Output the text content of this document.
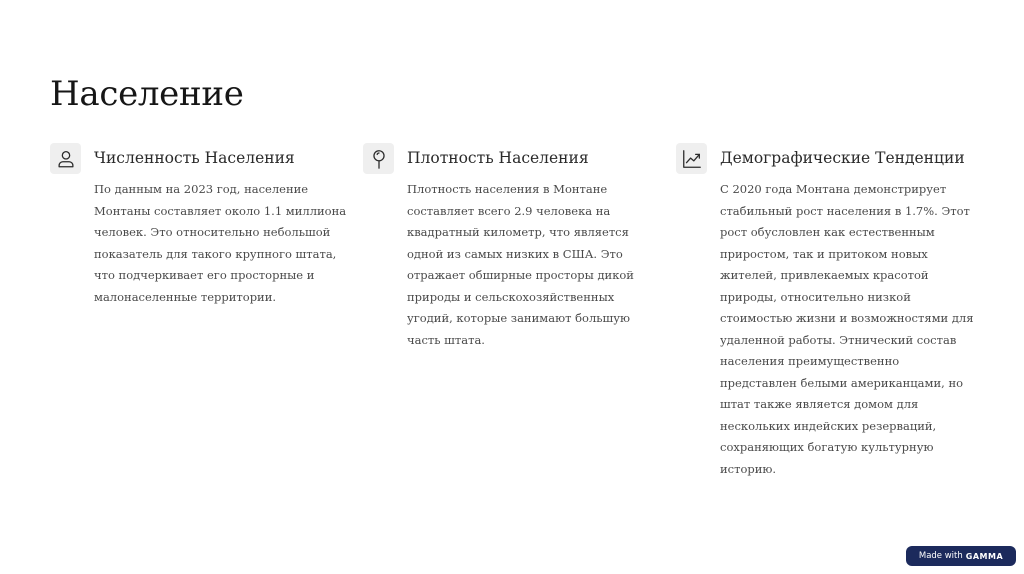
Население
Численность Населения

По данным на 2023 год, население Монтаны составляет около 1.1 миллиона человек. Это относительно небольшой показатель для такого крупного штата, что подчеркивает его просторные и малонаселенные территории.

Плотность Населения

Плотность населения в Монтане составляет всего 2.9 человека на квадратный километр, что является одной из самых низких в США. Это отражает обширные просторы дикой природы и сельскохозяйственных угодий, которые занимают большую часть штата.

Демографические Тенденции

С 2020 года Монтана демонстрирует стабильный рост населения в 1.7%. Этот рост обусловлен как естественным приростом, так и притоком новых жителей, привлекаемых красотой природы, относительно низкой стоимостью жизни и возможностями для удаленной работы. Этнический состав населения преимущественно представлен белыми американцами, но штат также является домом для нескольких индейских резерваций, сохраняющих богатую культурную историю.

Made with GAMMA
